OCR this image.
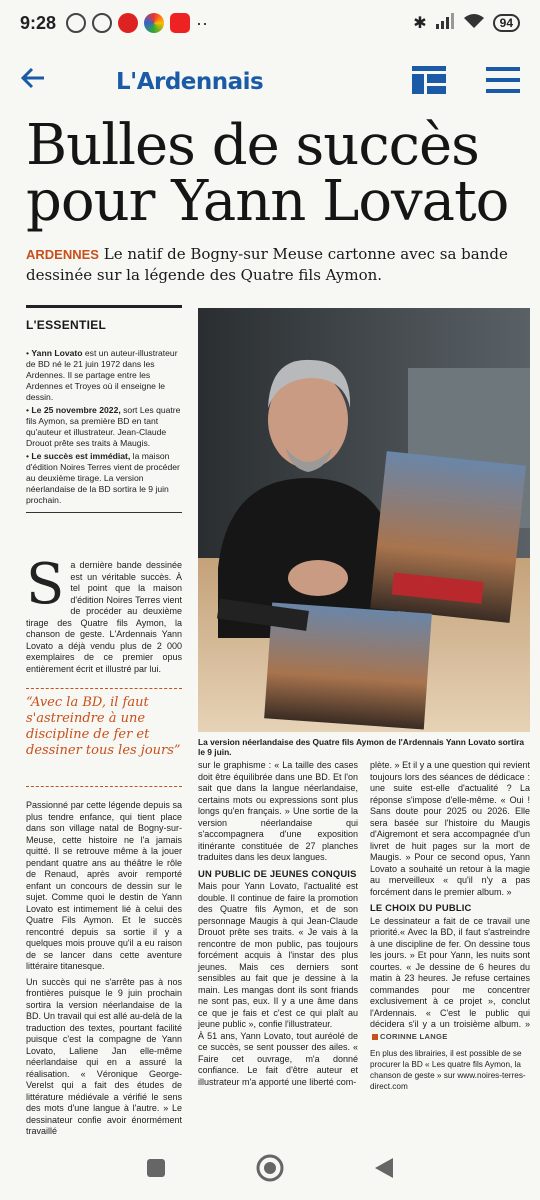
9:28	··	✱	94
L'Ardennais
Bulles de succès pour Yann Lovato

ARDENNES Le natif de Bogny-sur Meuse cartonne avec sa bande dessinée sur la légende des Quatre fils Aymon.

L'ESSENTIEL

• Yann Lovato est un auteur-illustrateur de BD né le 21 juin 1972 dans les Ardennes. Il se partage entre les Ardennes et Troyes où il enseigne le dessin.

• Le 25 novembre 2022, sort Les quatre fils Aymon, sa première BD en tant qu'auteur et illustrateur. Jean-Claude Drouot prête ses traits à Maugis.

• Le succès est immédiat, la maison d'édition Noires Terres vient de procéder au deuxième tirage. La version néerlandaise de la BD sortira le 9 juin prochain.

S a dernière bande dessinée est un véritable succès. À tel point que la maison d'édition Noires Terres vient de procéder au deuxième tirage des Quatre fils Aymon, la chanson de geste. L'Ardennais Yann Lovato a déjà vendu plus de 2 000 exemplaires de ce premier opus entièrement écrit et illustré par lui.
“Avec la BD, il faut s'astreindre à une discipline de fer et dessiner tous les jours”

Passionné par cette légende depuis sa plus tendre enfance, qui tient place dans son village natal de Bogny-sur-Meuse, cette histoire ne l'a jamais quitté. Il se retrouve même à la jouer pendant quatre ans au théâtre le rôle de Renaud, après avoir remporté enfant un concours de dessin sur le sujet. Comme quoi le destin de Yann Lovato est intimement lié à celui des Quatre Fils Aymon. Et le succès rencontré depuis sa sortie il y a quelques mois prouve qu'il a eu raison de se lancer dans cette aventure littéraire titanesque.

Un succès qui ne s'arrête pas à nos frontières puisque le 9 juin prochain sortira la version néerlandaise de la BD. Un travail qui est allé au-delà de la traduction des textes, pourtant facilité puisque c'est la compagne de Yann Lovato, Laliene Jan elle-même néerlandaise qui en a assuré la réalisation. « Véronique George-Verelst qui a fait des études de littérature médiévale a vérifié le sens des mots d'une langue à l'autre. » Le dessinateur confie avoir énormément travaillé

La version néerlandaise des Quatre fils Aymon de l'Ardennais Yann Lovato sortira le 9 juin.

sur le graphisme : « La taille des cases doit être équilibrée dans une BD. Et l'on sait que dans la langue néerlandaise, certains mots ou expressions sont plus longs qu'en français. » Une sortie de la version néerlandaise qui s'accompagnera d'une exposition itinérante constituée de 27 planches traduites dans les deux langues.

UN PUBLIC DE JEUNES CONQUIS

Mais pour Yann Lovato, l'actualité est double. Il continue de faire la promotion des Quatre fils Aymon, et de son personnage Maugis à qui Jean-Claude Drouot prête ses traits. « Je vais à la rencontre de mon public, pas toujours forcément acquis à l'instar des plus jeunes. Mais ces derniers sont sensibles au fait que je dessine à la main. Les mangas dont ils sont friands ne sont pas, eux. Il y a une âme dans ce que je fais et c'est ce qui plaît au jeune public », confie l'illustrateur.

À 51 ans, Yann Lovato, tout auréolé de ce succès, se sent pousser des ailes. « Faire cet ouvrage, m'a donné confiance. Le fait d'être auteur et illustrateur m'a apporté une liberté com-

plète. » Et il y a une question qui revient toujours lors des séances de dédicace : une suite est-elle d'actualité ? La réponse s'impose d'elle-même. « Oui ! Sans doute pour 2025 ou 2026. Elle sera basée sur l'histoire du Maugis d'Aigremont et sera accompagnée d'un livret de huit pages sur la mort de Maugis. » Pour ce second opus, Yann Lovato a souhaité un retour à la magie au merveilleux « qu'il n'y a pas forcément dans le premier album. »

LE CHOIX DU PUBLIC

Le dessinateur a fait de ce travail une priorité.« Avec la BD, il faut s'astreindre à une discipline de fer. On dessine tous les jours. » Et pour Yann, les nuits sont courtes. « Je dessine de 6 heures du matin à 23 heures. Je refuse certaines commandes pour me concentrer exclusivement à ce projet », conclut l'Ardennais. « C'est le public qui décidera s'il y a un troisième album. » CORINNE LANGE

En plus des librairies, il est possible de se procurer la BD « Les quatre fils Aymon, la chanson de geste » sur www.noires-terres-direct.com
